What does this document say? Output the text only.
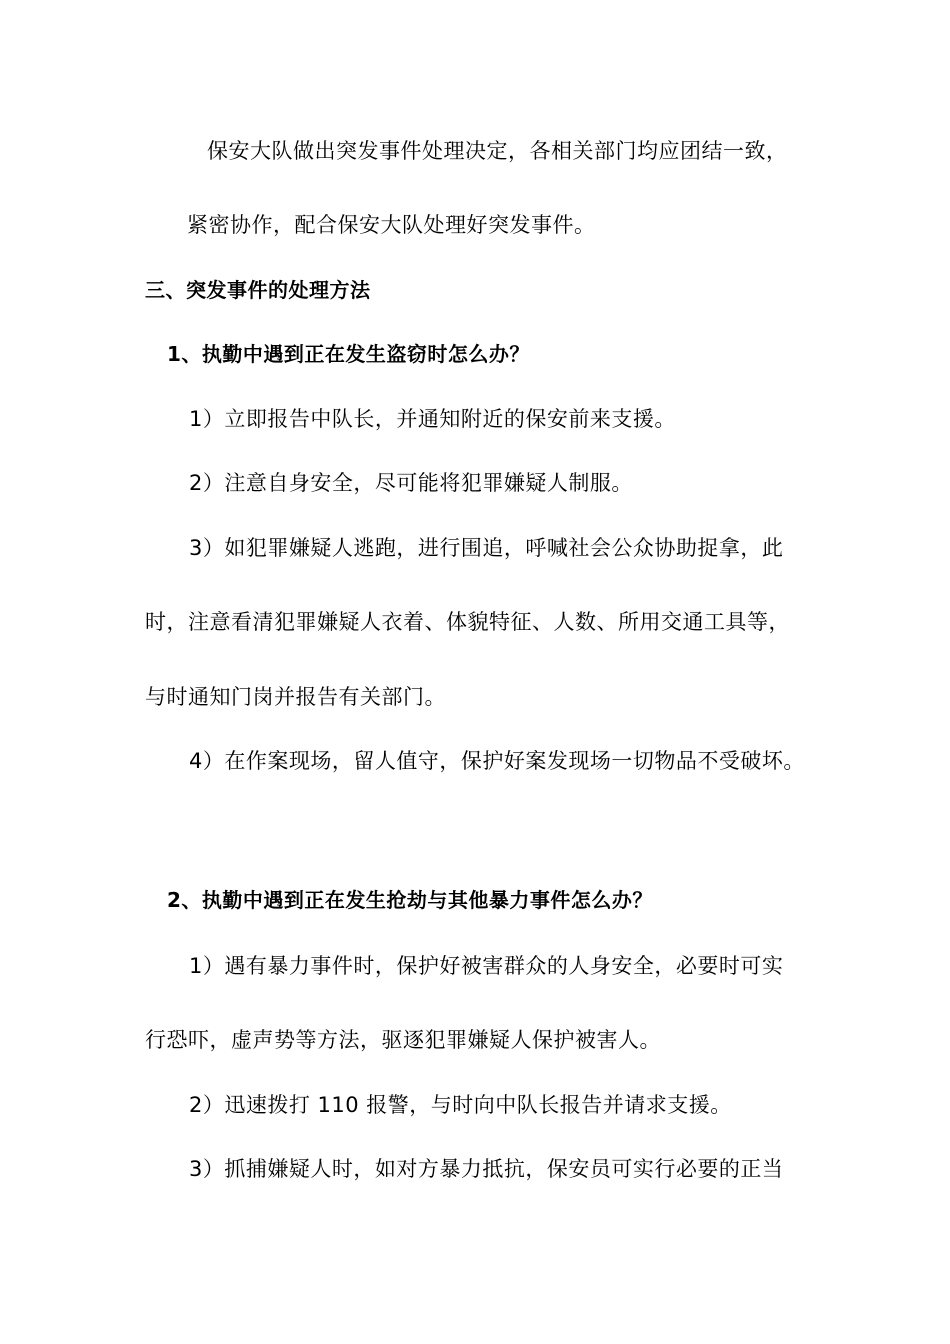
保安大队做出突发事件处理决定，各相关部门均应团结一致，

紧密协作，配合保安大队处理好突发事件。

三、突发事件的处理方法
1、执勤中遇到正在发生盗窃时怎么办？

1）立即报告中队长，并通知附近的保安前来支援。

2）注意自身安全，尽可能将犯罪嫌疑人制服。

3）如犯罪嫌疑人逃跑，进行围追，呼喊社会公众协助捉拿，此

时，注意看清犯罪嫌疑人衣着、体貌特征、人数、所用交通工具等，

与时通知门岗并报告有关部门。

4）在作案现场，留人值守，保护好案发现场一切物品不受破坏。

2、执勤中遇到正在发生抢劫与其他暴力事件怎么办？

1）遇有暴力事件时，保护好被害群众的人身安全，必要时可实

行恐吓，虚声势等方法，驱逐犯罪嫌疑人保护被害人。

2）迅速拨打 110 报警，与时向中队长报告并请求支援。

3）抓捕嫌疑人时，如对方暴力抵抗，保安员可实行必要的正当
